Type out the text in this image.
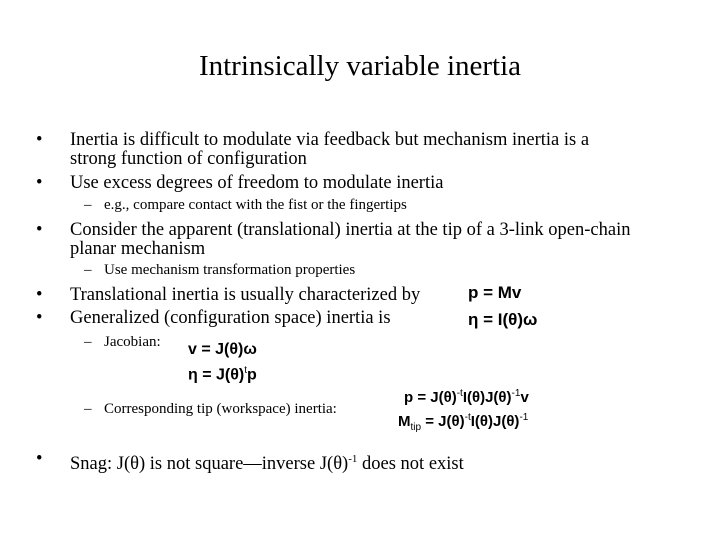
Intrinsically variable inertia
•	Inertia is difficult to modulate via feedback but mechanism inertia is a
strong function of configuration
•	Use excess degrees of freedom to modulate inertia
– e.g., compare contact with the fist or the fingertips
•	Consider the apparent (translational) inertia at the tip of a 3-link open-chain
planar mechanism
– Use mechanism transformation properties
•	Translational inertia is usually characterized by	p = Mv
•	Generalized (configuration space) inertia is	η = I(θ)ω
– Jacobian: v = J(θ)ω
$\eta = J(\theta)^tp$
– Corresponding tip (workspace) inertia:
$p = J(\theta)^{-t}I(\theta)J(\theta)^{-1}v$
$M_{tip} = J(\theta)^{-t}I(\theta)J(\theta)^{-1}$
•	Snag: J(θ) is not square—inverse $J(\theta)^{-1}$ does not exist
